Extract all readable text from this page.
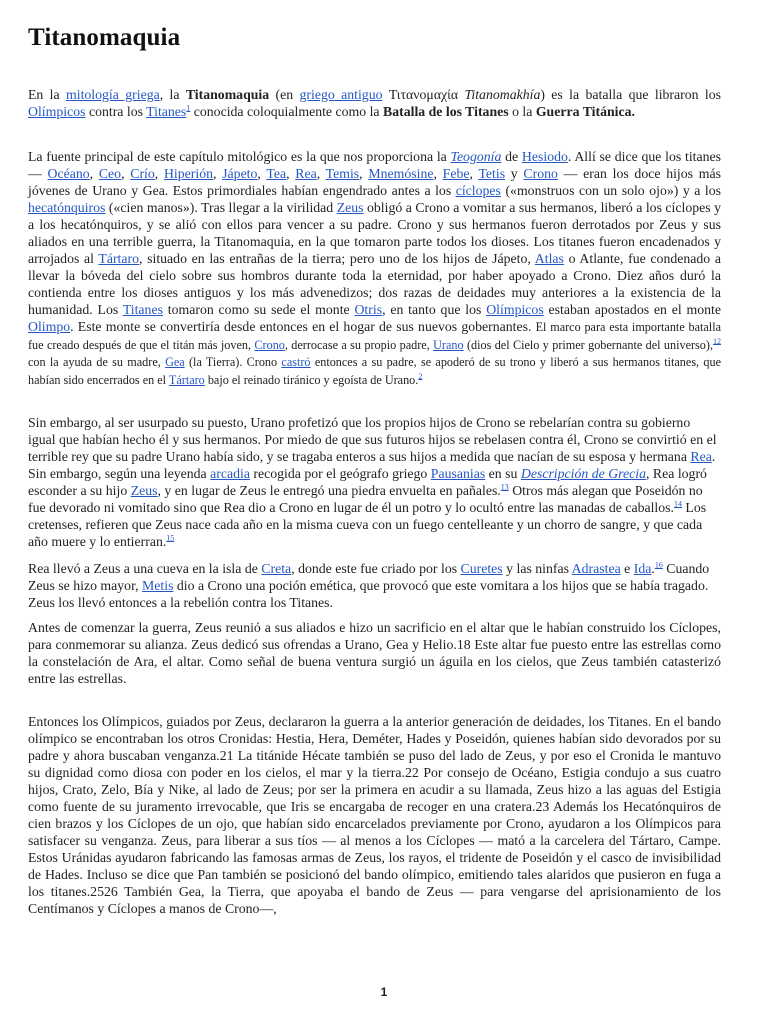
Titanomaquia

En la mitología griega, la Titanomaquia (en griego antiguo Τιτανομαχία Titanomakhía) es la batalla que libraron los Olímpicos contra los Titanes$^1$ conocida coloquialmente como la Batalla de los Titanes o la Guerra Titánica.

La fuente principal de este capítulo mitológico es la que nos proporciona la Teogonía de Hesiodo. Allí se dice que los titanes — Océano, Ceo, Crío, Hiperión, Jápeto, Tea, Rea, Temis, Mnemósine, Febe, Tetis y Crono — eran los doce hijos más jóvenes de Urano y Gea. Estos primordiales habían engendrado antes a los cíclopes («monstruos con un solo ojo») y a los hecatónquiros («cien manos»). Tras llegar a la virilidad Zeus obligó a Crono a vomitar a sus hermanos, liberó a los cíclopes y a los hecatónquiros, y se alió con ellos para vencer a su padre. Crono y sus hermanos fueron derrotados por Zeus y sus aliados en una terrible guerra, la Titanomaquia, en la que tomaron parte todos los dioses. Los titanes fueron encadenados y arrojados al Tártaro, situado en las entrañas de la tierra; pero uno de los hijos de Jápeto, Atlas o Atlante, fue condenado a llevar la bóveda del cielo sobre sus hombros durante toda la eternidad, por haber apoyado a Crono. Diez años duró la contienda entre los dioses antiguos y los más advenedizos; dos razas de deidades muy anteriores a la existencia de la humanidad. Los Titanes tomaron como su sede el monte Otris, en tanto que los Olímpicos estaban apostados en el monte Olimpo. Este monte se convertiría desde entonces en el hogar de sus nuevos gobernantes. El marco para esta importante batalla fue creado después de que el titán más joven, Crono, derrocase a su propio padre, Urano (dios del Cielo y primer gobernante del universo),$^{12}$ con la ayuda de su madre, Gea (la Tierra). Crono castró entonces a su padre, se apoderó de su trono y liberó a sus hermanos titanes, que habían sido encerrados en el Tártaro bajo el reinado tiránico y egoísta de Urano.$^2$

Sin embargo, al ser usurpado su puesto, Urano profetizó que los propios hijos de Crono se rebelarían contra su gobierno igual que habían hecho él y sus hermanos. Por miedo de que sus futuros hijos se rebelasen contra él, Crono se convirtió en el terrible rey que su padre Urano había sido, y se tragaba enteros a sus hijos a medida que nacían de su esposa y hermana Rea. Sin embargo, según una leyenda arcadia recogida por el geógrafo griego Pausanias en su Descripción de Grecia, Rea logró esconder a su hijo Zeus, y en lugar de Zeus le entregó una piedra envuelta en pañales.$^{13}$ Otros más alegan que Poseidón no fue devorado ni vomitado sino que Rea dio a Crono en lugar de él un potro y lo ocultó entre las manadas de caballos.$^{14}$ Los cretenses, refieren que Zeus nace cada año en la misma cueva con un fuego centelleante y un chorro de sangre, y que cada año muere y lo entierran.$^{15}$

Rea llevó a Zeus a una cueva en la isla de Creta, donde este fue criado por los Curetes y las ninfas Adrastea e Ida.$^{16}$ Cuando Zeus se hizo mayor, Metis dio a Crono una poción emética, que provocó que este vomitara a los hijos que se había tragado. Zeus los llevó entonces a la rebelión contra los Titanes.

Antes de comenzar la guerra, Zeus reunió a sus aliados e hizo un sacrificio en el altar que le habían construido los Cíclopes, para conmemorar su alianza. Zeus dedicó sus ofrendas a Urano, Gea y Helio.18 Este altar fue puesto entre las estrellas como la constelación de Ara, el altar. Como señal de buena ventura surgió un águila en los cielos, que Zeus también catasterizó entre las estrellas.

Entonces los Olímpicos, guiados por Zeus, declararon la guerra a la anterior generación de deidades, los Titanes. En el bando olímpico se encontraban los otros Cronidas: Hestia, Hera, Deméter, Hades y Poseidón, quienes habían sido devorados por su padre y ahora buscaban venganza.21 La titánide Hécate también se puso del lado de Zeus, y por eso el Cronida le mantuvo su dignidad como diosa con poder en los cielos, el mar y la tierra.22 Por consejo de Océano, Estigia condujo a sus cuatro hijos, Crato, Zelo, Bía y Nike, al lado de Zeus; por ser la primera en acudir a su llamada, Zeus hizo a las aguas del Estigia como fuente de su juramento irrevocable, que Iris se encargaba de recoger en una cratera.23 Además los Hecatónquiros de cien brazos y los Cíclopes de un ojo, que habían sido encarcelados previamente por Crono, ayudaron a los Olímpicos para satisfacer su venganza. Zeus, para liberar a sus tíos — al menos a los Cíclopes — mató a la carcelera del Tártaro, Campe. Estos Uránidas ayudaron fabricando las famosas armas de Zeus, los rayos, el tridente de Poseidón y el casco de invisibilidad de Hades. Incluso se dice que Pan también se posicionó del bando olímpico, emitiendo tales alaridos que pusieron en fuga a los titanes.2526 También Gea, la Tierra, que apoyaba el bando de Zeus — para vengarse del aprisionamiento de los Centímanos y Cíclopes a manos de Crono—,

1
